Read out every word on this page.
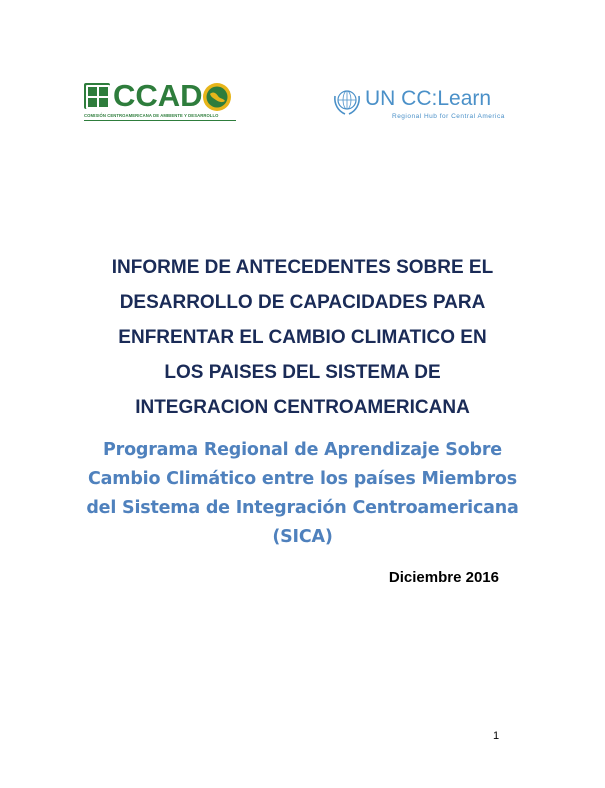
CCAD
COMISIÓN CENTROAMERICANA DE AMBIENTE Y DESARROLLO
UN CC:Learn
Regional Hub for Central America
INFORME DE ANTECEDENTES SOBRE EL
DESARROLLO DE CAPACIDADES PARA
ENFRENTAR EL CAMBIO CLIMATICO EN
LOS PAISES DEL SISTEMA DE
INTEGRACION CENTROAMERICANA
Programa Regional de Aprendizaje Sobre
Cambio Climático entre los países Miembros
del Sistema de Integración Centroamericana
(SICA)
Diciembre 2016
1
